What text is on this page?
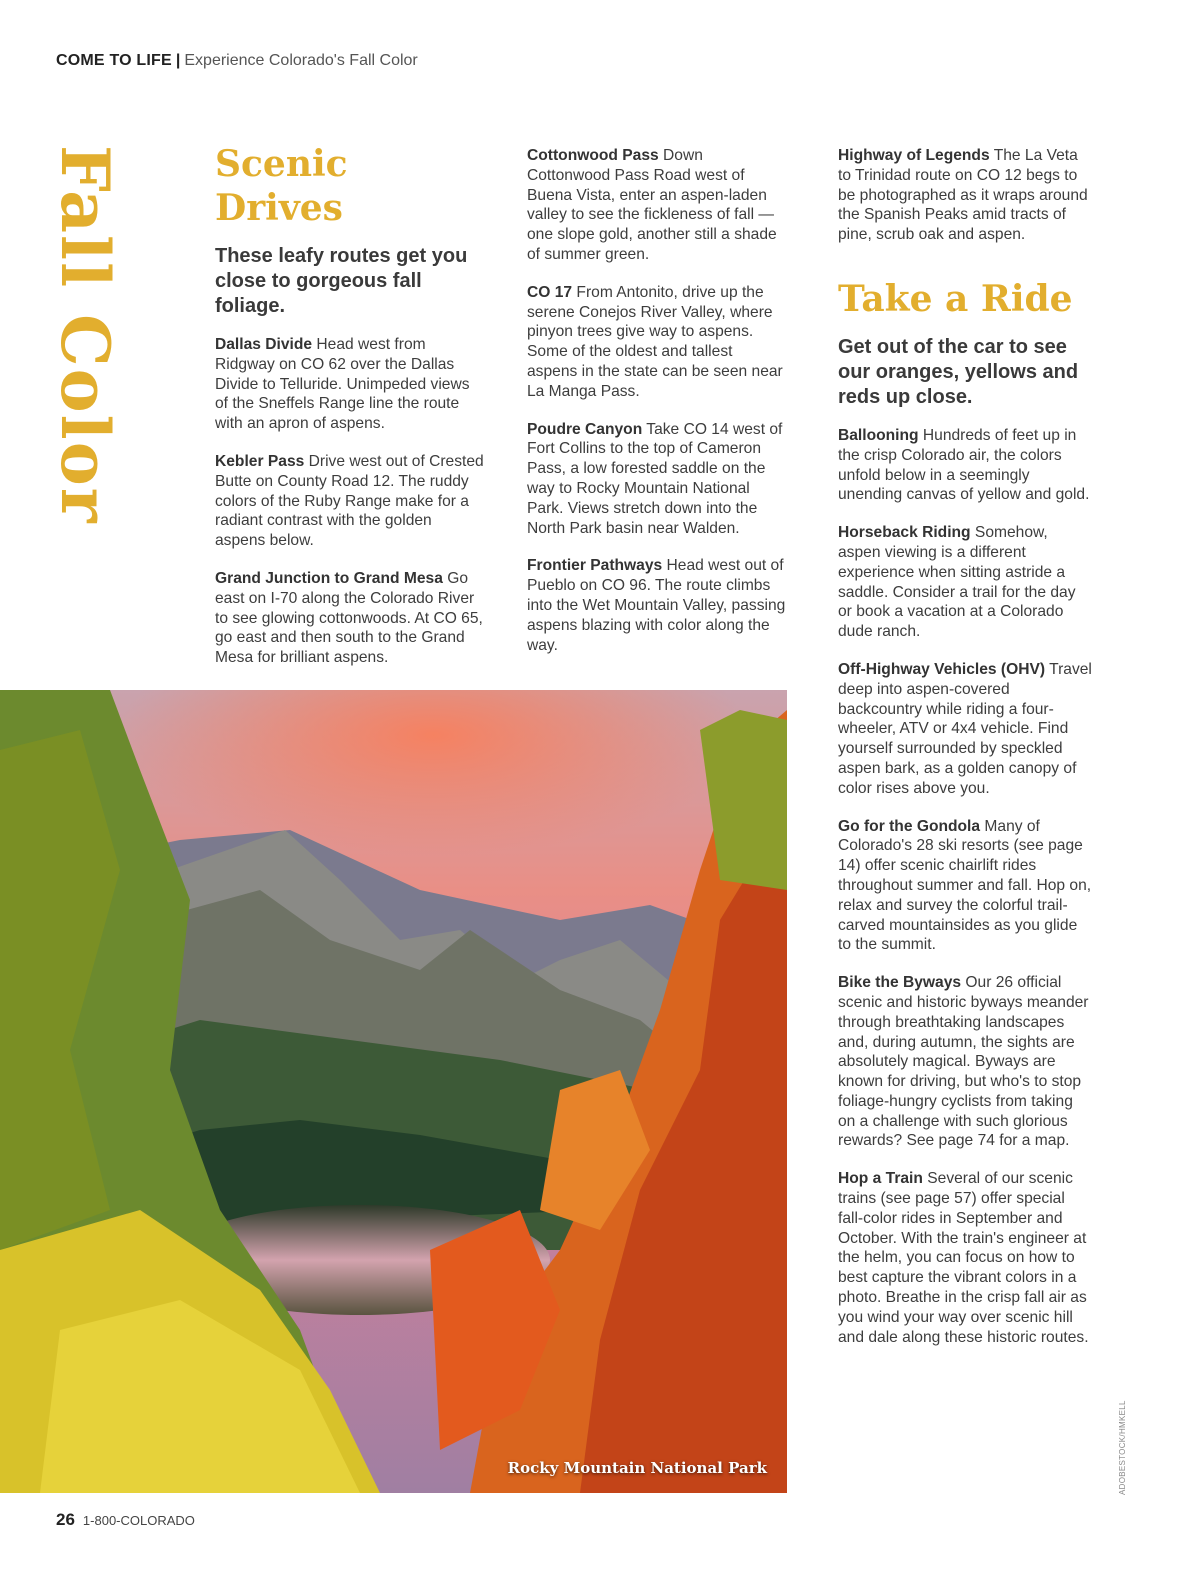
COME TO LIFE | Experience Colorado's Fall Color
Fall Color	Scenic Drives

These leafy routes get you close to gorgeous fall foliage.

Dallas Divide Head west from Ridgway on CO 62 over the Dallas Divide to Telluride. Unimpeded views of the Sneffels Range line the route with an apron of aspens.

Kebler Pass Drive west out of Crested Butte on County Road 12. The ruddy colors of the Ruby Range make for a radiant contrast with the golden aspens below.

Grand Junction to Grand Mesa Go east on I-70 along the Colorado River to see glowing cottonwoods. At CO 65, go east and then south to the Grand Mesa for brilliant aspens.

Cottonwood Pass Down Cottonwood Pass Road west of Buena Vista, enter an aspen-laden valley to see the fickleness of fall — one slope gold, another still a shade of summer green.

CO 17 From Antonito, drive up the serene Conejos River Valley, where pinyon trees give way to aspens. Some of the oldest and tallest aspens in the state can be seen near La Manga Pass.

Poudre Canyon Take CO 14 west of Fort Collins to the top of Cameron Pass, a low forested saddle on the way to Rocky Mountain National Park. Views stretch down into the North Park basin near Walden.

Frontier Pathways Head west out of Pueblo on CO 96. The route climbs into the Wet Mountain Valley, passing aspens blazing with color along the way.

Highway of Legends The La Veta to Trinidad route on CO 12 begs to be photographed as it wraps around the Spanish Peaks amid tracts of pine, scrub oak and aspen.

Take a Ride

Get out of the car to see our oranges, yellows and reds up close.

Ballooning Hundreds of feet up in the crisp Colorado air, the colors unfold below in a seemingly unending canvas of yellow and gold.

Horseback Riding Somehow, aspen viewing is a different experience when sitting astride a saddle. Consider a trail for the day or book a vacation at a Colorado dude ranch.

Off-Highway Vehicles (OHV) Travel deep into aspen-covered backcountry while riding a four-wheeler, ATV or 4x4 vehicle. Find yourself surrounded by speckled aspen bark, as a golden canopy of color rises above you.

Go for the Gondola Many of Colorado's 28 ski resorts (see page 14) offer scenic chairlift rides throughout summer and fall. Hop on, relax and survey the colorful trail-carved mountainsides as you glide to the summit.

Bike the Byways Our 26 official scenic and historic byways meander through breathtaking landscapes and, during autumn, the sights are absolutely magical. Byways are known for driving, but who's to stop foliage-hungry cyclists from taking on a challenge with such glorious rewards? See page 74 for a map.

Hop a Train Several of our scenic trains (see page 57) offer special fall-color rides in September and October. With the train's engineer at the helm, you can focus on how to best capture the vibrant colors in a photo. Breathe in the crisp fall air as you wind your way over scenic hill and dale along these historic routes.

Rocky Mountain National Park	ADOBESTOCK/HMKELL
26 1-800-COLORADO
